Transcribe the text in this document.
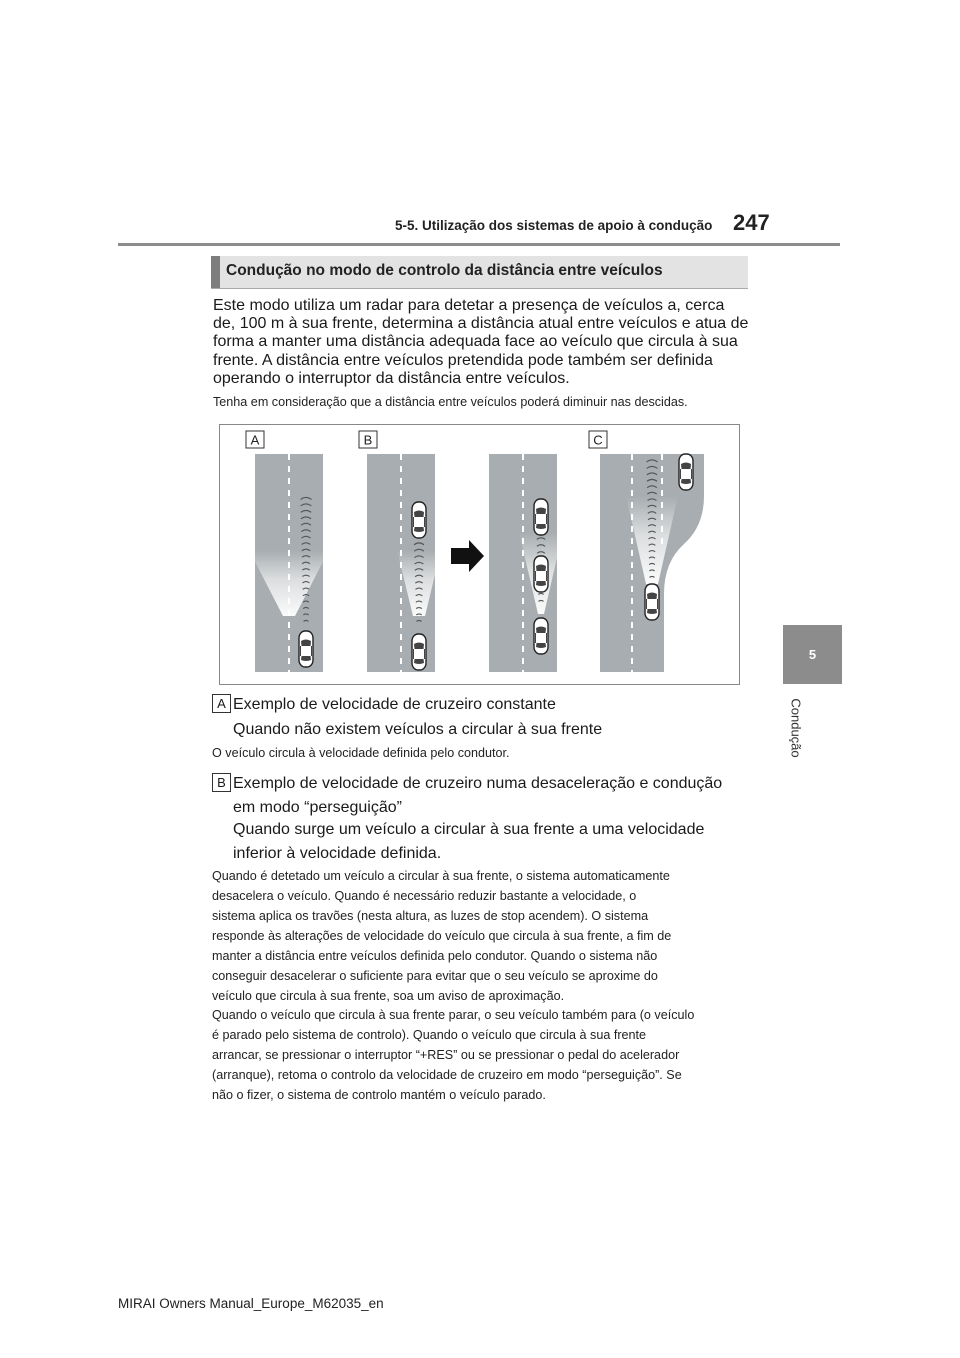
5-5. Utilização dos sistemas de apoio à condução 247
5
Condução
Condução no modo de controlo da distância entre veículos
Este modo utiliza um radar para detetar a presença de veículos a, cerca
de, 100 m à sua frente, determina a distância atual entre veículos e atua de
forma a manter uma distância adequada face ao veículo que circula à sua
frente. A distância entre veículos pretendida pode também ser definida
operando o interruptor da distância entre veículos.
Tenha em consideração que a distância entre veículos poderá diminuir nas descidas.
A	B	C
A Exemplo de velocidade de cruzeiro constante
Quando não existem veículos a circular à sua frente
O veículo circula à velocidade definida pelo condutor.
B Exemplo de velocidade de cruzeiro numa desaceleração e condução
em modo “perseguição”
Quando surge um veículo a circular à sua frente a uma velocidade
inferior à velocidade definida.
Quando é detetado um veículo a circular à sua frente, o sistema automaticamente
desacelera o veículo. Quando é necessário reduzir bastante a velocidade, o
sistema aplica os travões (nesta altura, as luzes de stop acendem). O sistema
responde às alterações de velocidade do veículo que circula à sua frente, a fim de
manter a distância entre veículos definida pelo condutor. Quando o sistema não
conseguir desacelerar o suficiente para evitar que o seu veículo se aproxime do
veículo que circula à sua frente, soa um aviso de aproximação.
Quando o veículo que circula à sua frente parar, o seu veículo também para (o veículo
é parado pelo sistema de controlo). Quando o veículo que circula à sua frente
arrancar, se pressionar o interruptor “+RES” ou se pressionar o pedal do acelerador
(arranque), retoma o controlo da velocidade de cruzeiro em modo “perseguição”. Se
não o fizer, o sistema de controlo mantém o veículo parado.
MIRAI Owners Manual_Europe_M62035_en
